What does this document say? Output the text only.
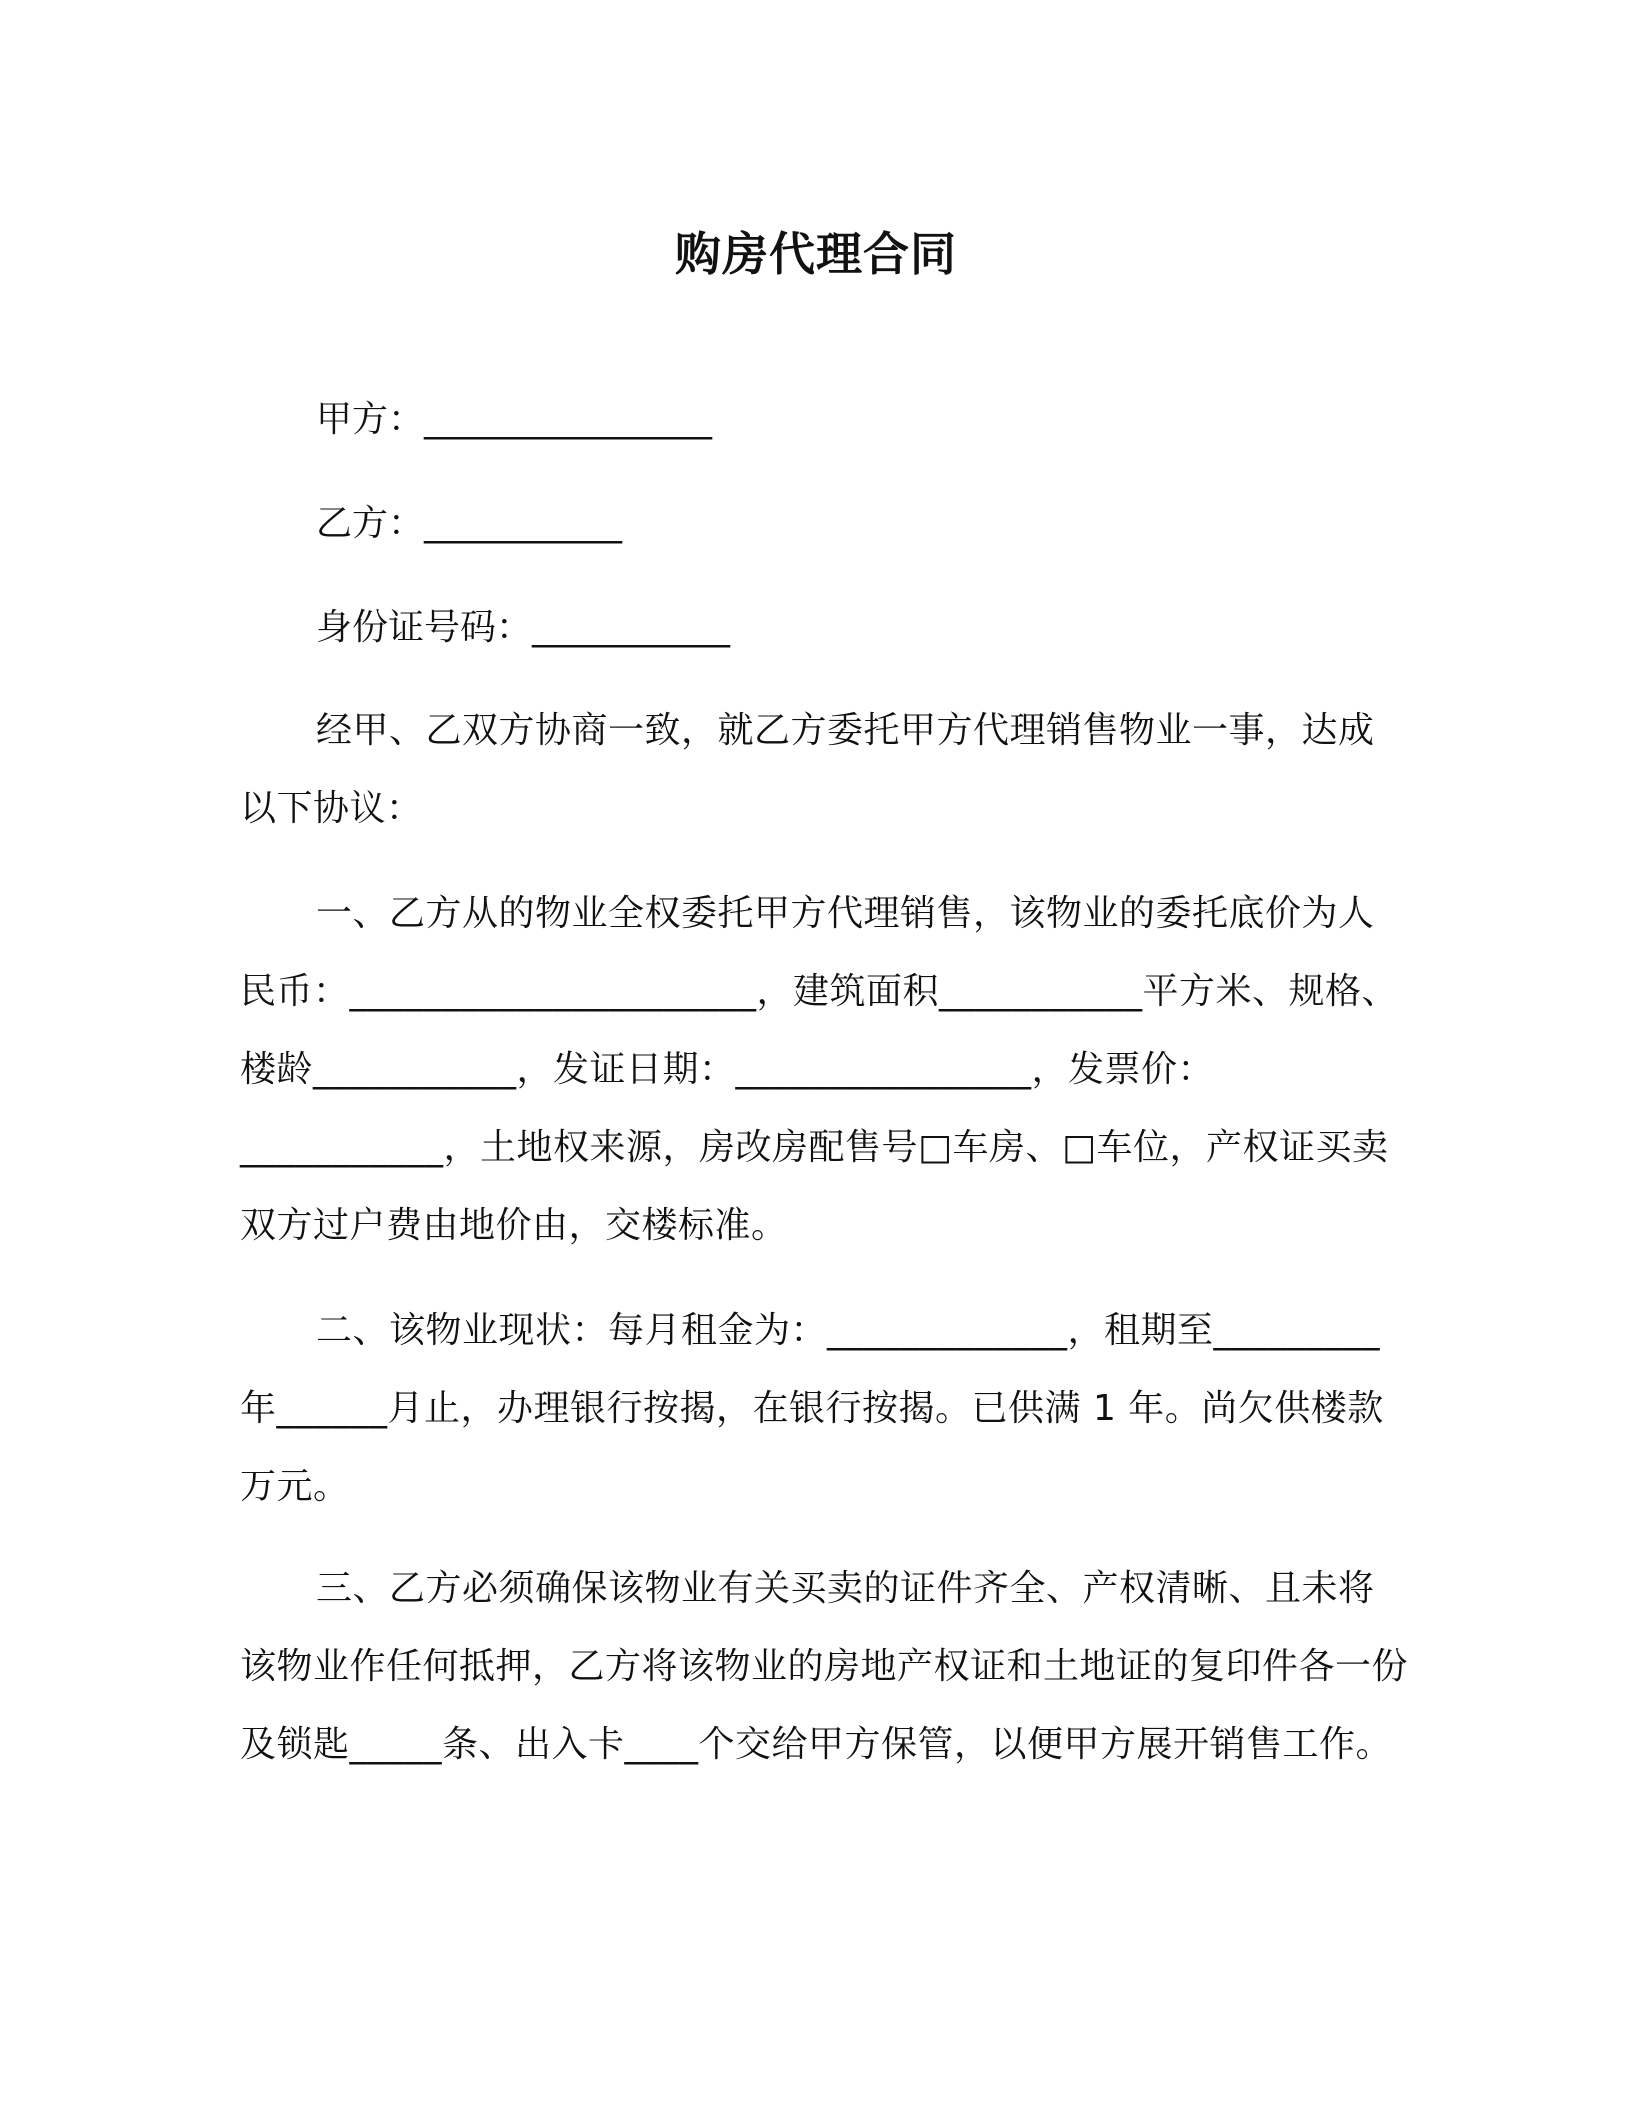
购房代理合同

甲方：________________

乙方：___________

身份证号码：___________

经甲、乙双方协商一致，就乙方委托甲方代理销售物业一事，达成以下协议：

一、乙方从的物业全权委托甲方代理销售，该物业的委托底价为人民币：______________________，建筑面积___________平方米、规格、楼龄___________，发证日期：________________，发票价：___________，土地权来源，房改房配售号□车房、□车位，产权证买卖双方过户费由地价由，交楼标准。

二、该物业现状：每月租金为：_____________，租期至_________年______月止，办理银行按揭，在银行按揭。已供满 1 年。尚欠供楼款万元。

三、乙方必须确保该物业有关买卖的证件齐全、产权清晰、且未将该物业作任何抵押，乙方将该物业的房地产权证和土地证的复印件各一份及锁匙_____条、出入卡____个交给甲方保管，以便甲方展开销售工作。
